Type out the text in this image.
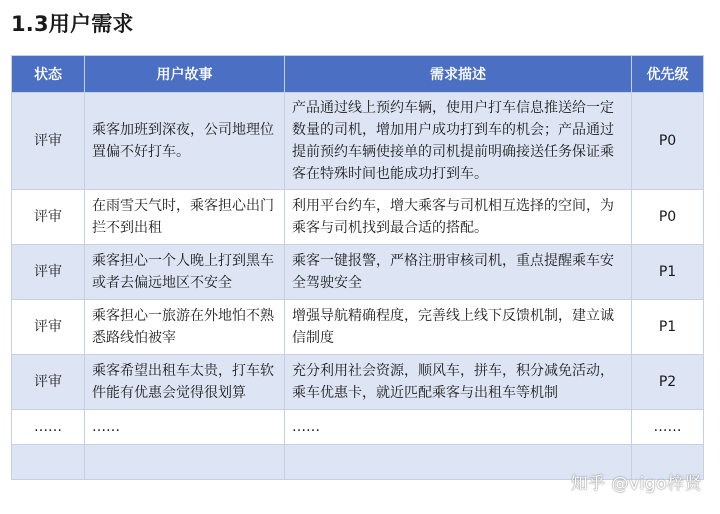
1.3用户需求
状态	用户故事	需求描述	优先级
评审	乘客加班到深夜，公司地理位置偏不好打车。	产品通过线上预约车辆，使用户打车信息推送给一定数量的司机，增加用户成功打到车的机会；产品通过提前预约车辆使接单的司机提前明确接送任务保证乘客在特殊时间也能成功打到车。	P0
评审	在雨雪天气时，乘客担心出门拦不到出租	利用平台约车，增大乘客与司机相互选择的空间，为乘客与司机找到最合适的搭配。	P0
评审	乘客担心一个人晚上打到黑车或者去偏远地区不安全	乘客一键报警，严格注册审核司机，重点提醒乘车安全驾驶安全	P1
评审	乘客担心一旅游在外地怕不熟悉路线怕被宰	增强导航精确程度，完善线上线下反馈机制，建立诚信制度	P1
评审	乘客希望出租车太贵，打车软件能有优惠会觉得很划算	充分利用社会资源，顺风车，拼车，积分减免活动，乘车优惠卡，就近匹配乘客与出租车等机制	P2
……	……	……	……

知乎 @vigo梓贤
